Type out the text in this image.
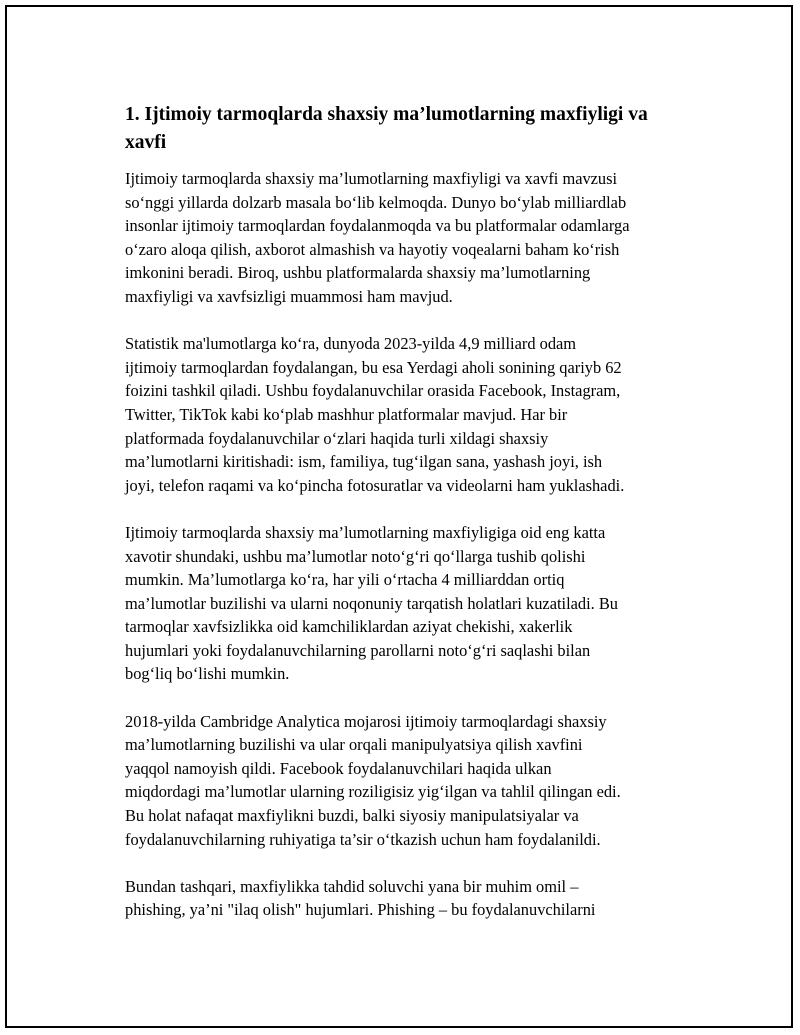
1. Ijtimoiy tarmoqlarda shaxsiy ma’lumotlarning maxfiyligi va
xavfi

Ijtimoiy tarmoqlarda shaxsiy ma’lumotlarning maxfiyligi va xavfi mavzusi
so‘nggi yillarda dolzarb masala bo‘lib kelmoqda. Dunyo bo‘ylab milliardlab
insonlar ijtimoiy tarmoqlardan foydalanmoqda va bu platformalar odamlarga
o‘zaro aloqa qilish, axborot almashish va hayotiy voqealarni baham ko‘rish
imkonini beradi. Biroq, ushbu platformalarda shaxsiy ma’lumotlarning
maxfiyligi va xavfsizligi muammosi ham mavjud.

Statistik ma'lumotlarga ko‘ra, dunyoda 2023-yilda 4,9 milliard odam
ijtimoiy tarmoqlardan foydalangan, bu esa Yerdagi aholi sonining qariyb 62
foizini tashkil qiladi. Ushbu foydalanuvchilar orasida Facebook, Instagram,
Twitter, TikTok kabi ko‘plab mashhur platformalar mavjud. Har bir
platformada foydalanuvchilar o‘zlari haqida turli xildagi shaxsiy
ma’lumotlarni kiritishadi: ism, familiya, tug‘ilgan sana, yashash joyi, ish
joyi, telefon raqami va ko‘pincha fotosuratlar va videolarni ham yuklashadi.

Ijtimoiy tarmoqlarda shaxsiy ma’lumotlarning maxfiyligiga oid eng katta
xavotir shundaki, ushbu ma’lumotlar noto‘g‘ri qo‘llarga tushib qolishi
mumkin. Ma’lumotlarga ko‘ra, har yili o‘rtacha 4 milliarddan ortiq
ma’lumotlar buzilishi va ularni noqonuniy tarqatish holatlari kuzatiladi. Bu
tarmoqlar xavfsizlikka oid kamchiliklardan aziyat chekishi, xakerlik
hujumlari yoki foydalanuvchilarning parollarni noto‘g‘ri saqlashi bilan
bog‘liq bo‘lishi mumkin.

2018-yilda Cambridge Analytica mojarosi ijtimoiy tarmoqlardagi shaxsiy
ma’lumotlarning buzilishi va ular orqali manipulyatsiya qilish xavfini
yaqqol namoyish qildi. Facebook foydalanuvchilari haqida ulkan
miqdordagi ma’lumotlar ularning roziligisiz yig‘ilgan va tahlil qilingan edi.
Bu holat nafaqat maxfiylikni buzdi, balki siyosiy manipulatsiyalar va
foydalanuvchilarning ruhiyatiga ta’sir o‘tkazish uchun ham foydalanildi.

Bundan tashqari, maxfiylikka tahdid soluvchi yana bir muhim omil –
phishing, ya’ni "ilaq olish" hujumlari. Phishing – bu foydalanuvchilarni
